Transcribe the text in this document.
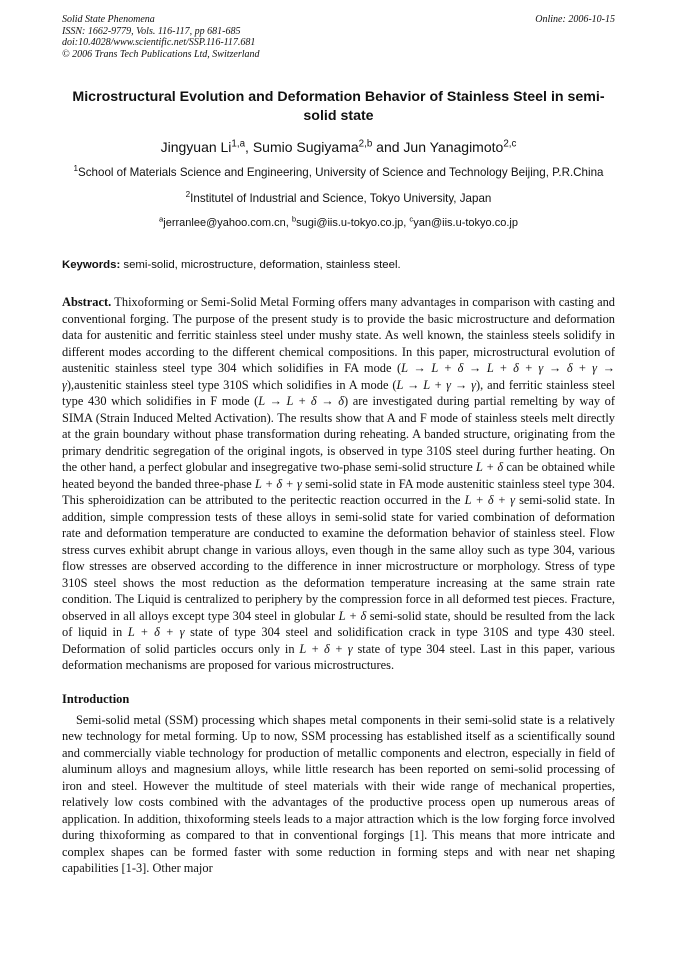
Solid State Phenomena
ISSN: 1662-9779, Vols. 116-117, pp 681-685
doi:10.4028/www.scientific.net/SSP.116-117.681
© 2006 Trans Tech Publications Ltd, Switzerland
Online: 2006-10-15
Microstructural Evolution and Deformation Behavior of Stainless Steel in semi-solid state
Jingyuan Li$^{1,a}$, Sumio Sugiyama$^{2,b}$ and Jun Yanagimoto$^{2,c}$
$^1$School of Materials Science and Engineering, University of Science and Technology Beijing, P.R.China
$^2$Institutel of Industrial and Science, Tokyo University, Japan
$^a$jerranlee@yahoo.com.cn, $^b$sugi@iis.u-tokyo.co.jp, $^c$yan@iis.u-tokyo.co.jp
Keywords: semi-solid, microstructure, deformation, stainless steel.
Abstract. Thixoforming or Semi-Solid Metal Forming offers many advantages in comparison with casting and conventional forging. The purpose of the present study is to provide the basic microstructure and deformation data for austenitic and ferritic stainless steel under mushy state. As well known, the stainless steels solidify in different modes according to the different chemical compositions. In this paper, microstructural evolution of austenitic stainless steel type 304 which solidifies in FA mode (L → L + δ → L + δ + γ → δ + γ → γ),austenitic stainless steel type 310S which solidifies in A mode (L → L + γ → γ), and ferritic stainless steel type 430 which solidifies in F mode (L → L + δ → δ) are investigated during partial remelting by way of SIMA (Strain Induced Melted Activation). The results show that A and F mode of stainless steels melt directly at the grain boundary without phase transformation during reheating. A banded structure, originating from the primary dendritic segregation of the original ingots, is observed in type 310S steel during further heating. On the other hand, a perfect globular and insegregative two-phase semi-solid structure L + δ can be obtained while heated beyond the banded three-phase L + δ + γ semi-solid state in FA mode austenitic stainless steel type 304. This spheroidization can be attributed to the peritectic reaction occurred in the L + δ + γ semi-solid state. In addition, simple compression tests of these alloys in semi-solid state for varied combination of deformation rate and deformation temperature are conducted to examine the deformation behavior of stainless steel. Flow stress curves exhibit abrupt change in various alloys, even though in the same alloy such as type 304, various flow stresses are observed according to the difference in inner microstructure or morphology. Stress of type 310S steel shows the most reduction as the deformation temperature increasing at the same strain rate condition. The Liquid is centralized to periphery by the compression force in all deformed test pieces. Fracture, observed in all alloys except type 304 steel in globular L + δ semi-solid state, should be resulted from the lack of liquid in L + δ + γ state of type 304 steel and solidification crack in type 310S and type 430 steel. Deformation of solid particles occurs only in L + δ + γ state of type 304 steel. Last in this paper, various deformation mechanisms are proposed for various microstructures.
Introduction
Semi-solid metal (SSM) processing which shapes metal components in their semi-solid state is a relatively new technology for metal forming. Up to now, SSM processing has established itself as a scientifically sound and commercially viable technology for production of metallic components and electron, especially in field of aluminum alloys and magnesium alloys, while little research has been reported on semi-solid processing of iron and steel. However the multitude of steel materials with their wide range of mechanical properties, relatively low costs combined with the advantages of the productive process open up numerous areas of application. In addition, thixoforming steels leads to a major attraction which is the low forging force involved during thixoforming as compared to that in conventional forgings [1]. This means that more intricate and complex shapes can be formed faster with some reduction in forming steps and with near net shaping capabilities [1-3]. Other major
